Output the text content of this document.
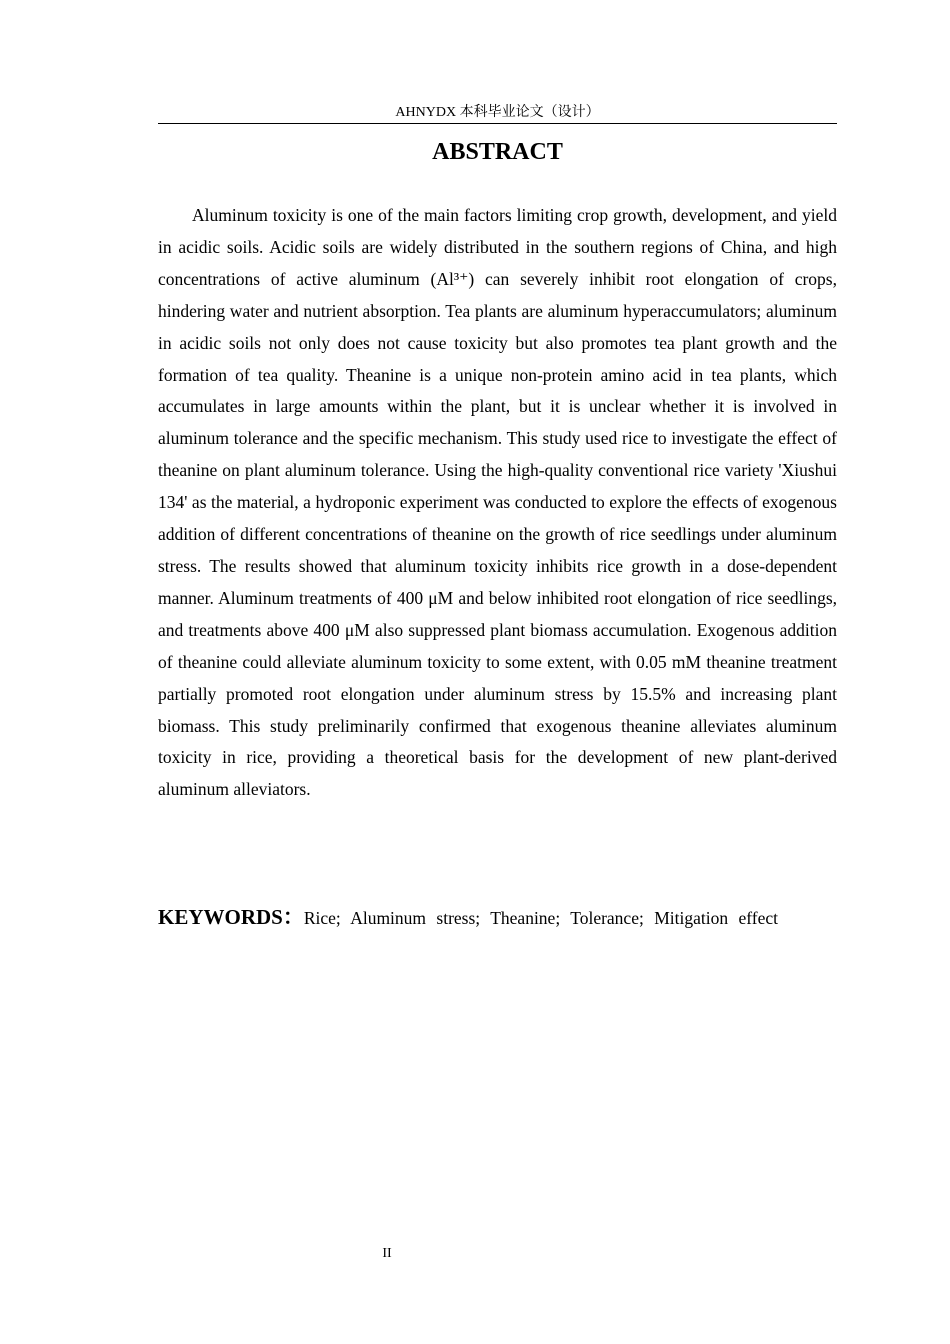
AHNYDX 本科毕业论文（设计）
ABSTRACT

Aluminum toxicity is one of the main factors limiting crop growth, development, and yield in acidic soils. Acidic soils are widely distributed in the southern regions of China, and high concentrations of active aluminum (Al³⁺) can severely inhibit root elongation of crops, hindering water and nutrient absorption. Tea plants are aluminum hyperaccumulators; aluminum in acidic soils not only does not cause toxicity but also promotes tea plant growth and the formation of tea quality. Theanine is a unique non-protein amino acid in tea plants, which accumulates in large amounts within the plant, but it is unclear whether it is involved in aluminum tolerance and the specific mechanism. This study used rice to investigate the effect of theanine on plant aluminum tolerance. Using the high-quality conventional rice variety 'Xiushui 134' as the material, a hydroponic experiment was conducted to explore the effects of exogenous addition of different concentrations of theanine on the growth of rice seedlings under aluminum stress. The results showed that aluminum toxicity inhibits rice growth in a dose-dependent manner. Aluminum treatments of 400 μM and below inhibited root elongation of rice seedlings, and treatments above 400 μM also suppressed plant biomass accumulation. Exogenous addition of theanine could alleviate aluminum toxicity to some extent, with 0.05 mM theanine treatment partially promoted root elongation under aluminum stress by 15.5% and increasing plant biomass. This study preliminarily confirmed that exogenous theanine alleviates aluminum toxicity in rice, providing a theoretical basis for the development of new plant-derived aluminum alleviators.

KEYWORDS：Rice; Aluminum stress; Theanine; Tolerance; Mitigation effect
II
